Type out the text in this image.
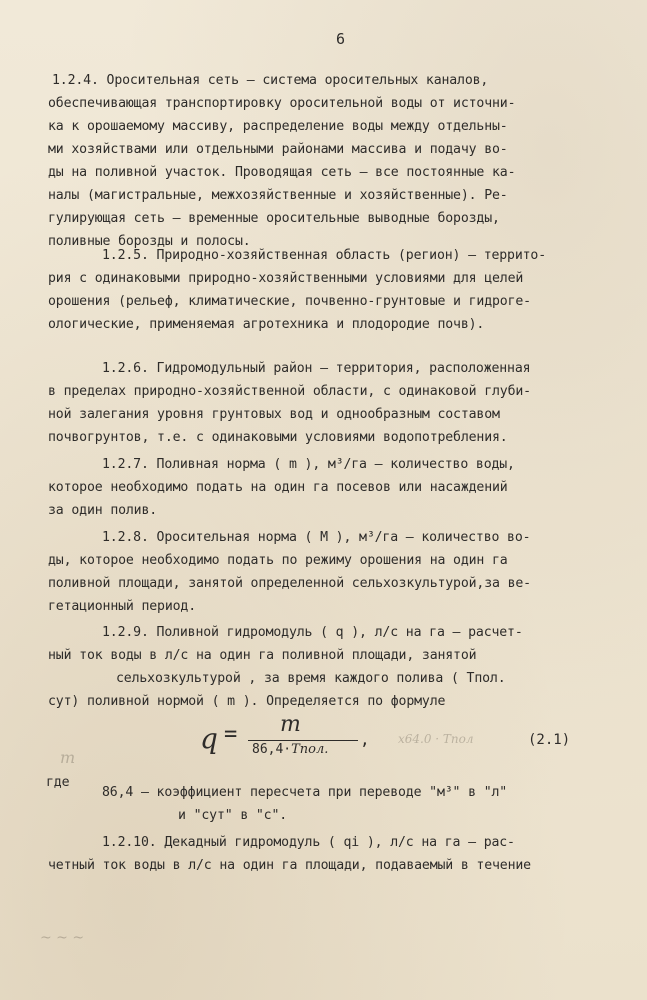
6
1.2.4. Оросительная сеть – система оросительных каналов,
обеспечивающая транспортировку оросительной воды от источни-
ка к орошаемому массиву, распределение воды между отдельны-
ми хозяйствами или отдельными районами массива и подачу во-
ды на поливной участок. Проводящая сеть – все постоянные ка-
налы (магистральные, межхозяйственные и хозяйственные). Ре-
гулирующая сеть – временные оросительные выводные борозды,
поливные борозды и полосы.
1.2.5. Природно-хозяйственная область (регион) – террито-
рия с одинаковыми природно-хозяйственными условиями для целей
орошения (рельеф, климатические, почвенно-грунтовые и гидроге-
ологические, применяемая агротехника и плодородие почв).
1.2.6. Гидромодульный район – территория, расположенная
в пределах природно-хозяйственной области, с одинаковой глуби-
ной залегания уровня грунтовых вод и однообразным составом
почвогрунтов, т.е. с одинаковыми условиями водопотребления.
1.2.7. Поливная норма ( m ), м³/га – количество воды,
которое необходимо подать на один га посевов или насаждений
за один полив.
1.2.8. Оросительная норма ( M ), м³/га – количество во-
ды, которое необходимо подать по режиму орошения на один га
поливной площади, занятой определенной сельхозкультурой,за ве-
гетационный период.
1.2.9. Поливной гидромодуль ( q ), л/с на га – расчет-
ный ток воды в л/с на один га поливной площади, занятой
сельхозкультурой , за время каждого полива ( Tпол.
сут) поливной нормой ( m ). Определяется по формуле
q = m
86,4·Tпол.
,	(2.1)
где
86,4 – коэффициент пересчета при переводе "м³" в "л"
и "сут" в "с".
1.2.10. Декадный гидромодуль ( qi ), л/с на га – рас-
четный ток воды в л/с на один га площади, подаваемый в течение
x64.0 · Tпол
т
~ ~ ~
